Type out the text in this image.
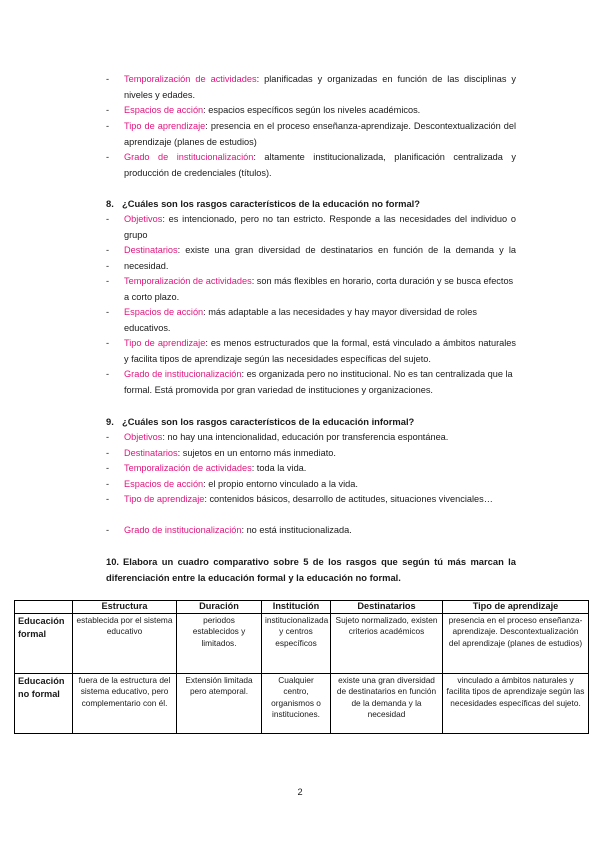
- Temporalización de actividades: planificadas y organizadas en función de las disciplinas y niveles y edades.
- Espacios de acción: espacios específicos según los niveles académicos.
- Tipo de aprendizaje: presencia en el proceso enseñanza-aprendizaje. Descontextualización del aprendizaje (planes de estudios)
- Grado de institucionalización: altamente institucionalizada, planificación centralizada y producción de credenciales (títulos).
8. ¿Cuáles son los rasgos característicos de la educación no formal?
- Objetivos: es intencionado, pero no tan estricto. Responde a las necesidades del individuo o grupo
-
-
Destinatarios: existe una gran diversidad de destinatarios en función de la demanda y la necesidad.
- Temporalización de actividades: son más flexibles en horario, corta duración y se busca efectos a corto plazo.
- Espacios de acción: más adaptable a las necesidades y hay mayor diversidad de roles educativos.
- Tipo de aprendizaje: es menos estructurados que la formal, está vinculado a ámbitos naturales y facilita tipos de aprendizaje según las necesidades específicas del sujeto.
- Grado de institucionalización: es organizada pero no institucional. No es tan centralizada que la formal. Está promovida por gran variedad de instituciones y organizaciones.
9. ¿Cuáles son los rasgos característicos de la educación informal?
- Objetivos: no hay una intencionalidad, educación por transferencia espontánea.
- Destinatarios: sujetos en un entorno más inmediato.
- Temporalización de actividades: toda la vida.
- Espacios de acción: el propio entorno vinculado a la vida.
- Tipo de aprendizaje: contenidos básicos, desarrollo de actitudes, situaciones vivenciales…
- Grado de institucionalización: no está institucionalizada.
10. Elabora un cuadro comparativo sobre 5 de los rasgos que según tú más marcan la diferenciación entre la educación formal y la educación no formal.
	Estructura	Duración	Institución	Destinatarios	Tipo de aprendizaje
Educación formal	establecida por el sistema educativo	periodos establecidos y limitados.	institucionalizada y centros específicos	Sujeto normalizado, existen criterios académicos	presencia en el proceso enseñanza-aprendizaje. Descontextualización del aprendizaje (planes de estudios)
Educación no formal	fuera de la estructura del sistema educativo, pero complementario con él.	Extensión limitada pero atemporal.	Cualquier centro, organismos o instituciones.	existe una gran diversidad de destinatarios en función de la demanda y la necesidad	vinculado a ámbitos naturales y facilita tipos de aprendizaje según las necesidades específicas del sujeto.
2
